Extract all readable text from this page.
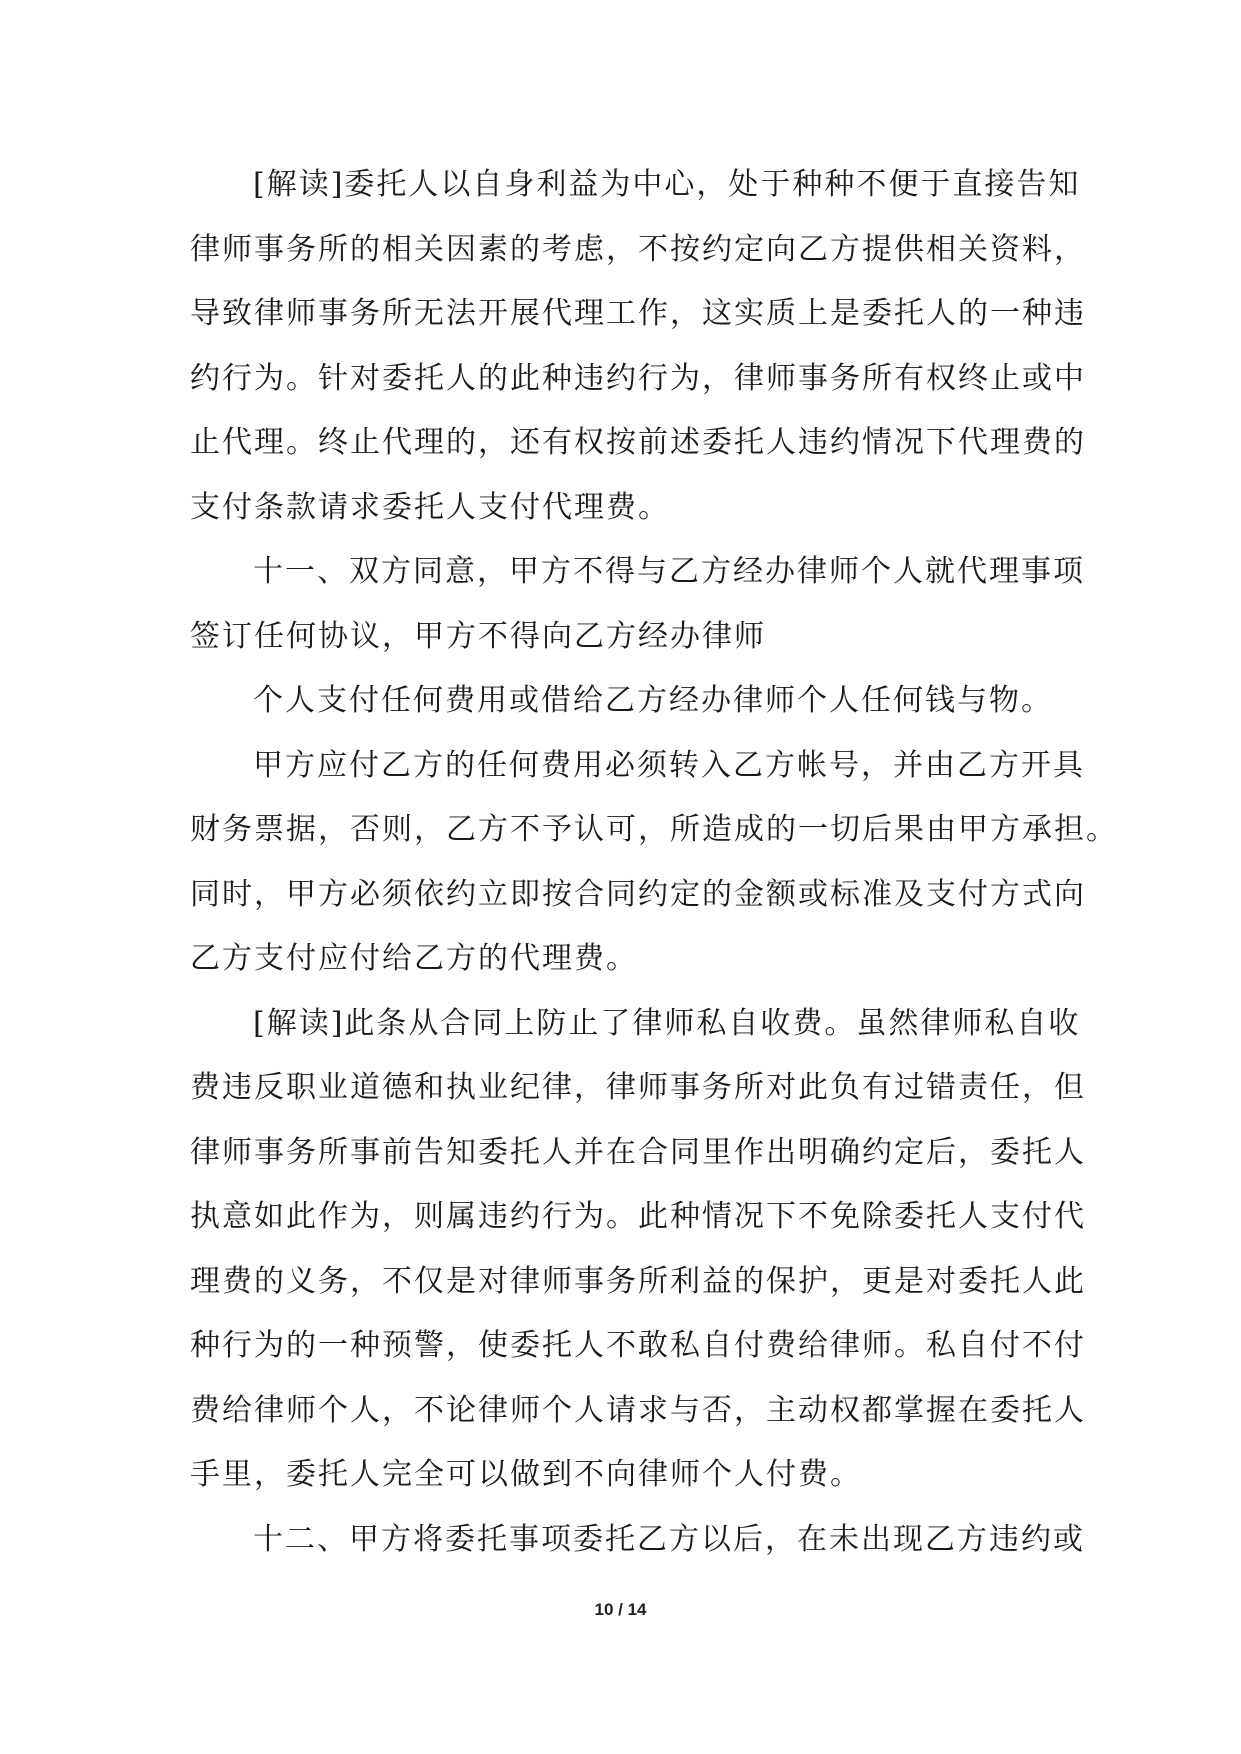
[解读]委托人以自身利益为中心，处于种种不便于直接告知
律师事务所的相关因素的考虑，不按约定向乙方提供相关资料，
导致律师事务所无法开展代理工作，这实质上是委托人的一种违
约行为。针对委托人的此种违约行为，律师事务所有权终止或中
止代理。终止代理的，还有权按前述委托人违约情况下代理费的
支付条款请求委托人支付代理费。
十一、双方同意，甲方不得与乙方经办律师个人就代理事项
签订任何协议，甲方不得向乙方经办律师
个人支付任何费用或借给乙方经办律师个人任何钱与物。
甲方应付乙方的任何费用必须转入乙方帐号，并由乙方开具
财务票据，否则，乙方不予认可，所造成的一切后果由甲方承担。
同时，甲方必须依约立即按合同约定的金额或标准及支付方式向
乙方支付应付给乙方的代理费。
[解读]此条从合同上防止了律师私自收费。虽然律师私自收
费违反职业道德和执业纪律，律师事务所对此负有过错责任，但
律师事务所事前告知委托人并在合同里作出明确约定后，委托人
执意如此作为，则属违约行为。此种情况下不免除委托人支付代
理费的义务，不仅是对律师事务所利益的保护，更是对委托人此
种行为的一种预警，使委托人不敢私自付费给律师。私自付不付
费给律师个人，不论律师个人请求与否，主动权都掌握在委托人
手里，委托人完全可以做到不向律师个人付费。
十二、甲方将委托事项委托乙方以后，在未出现乙方违约或

10 / 14
